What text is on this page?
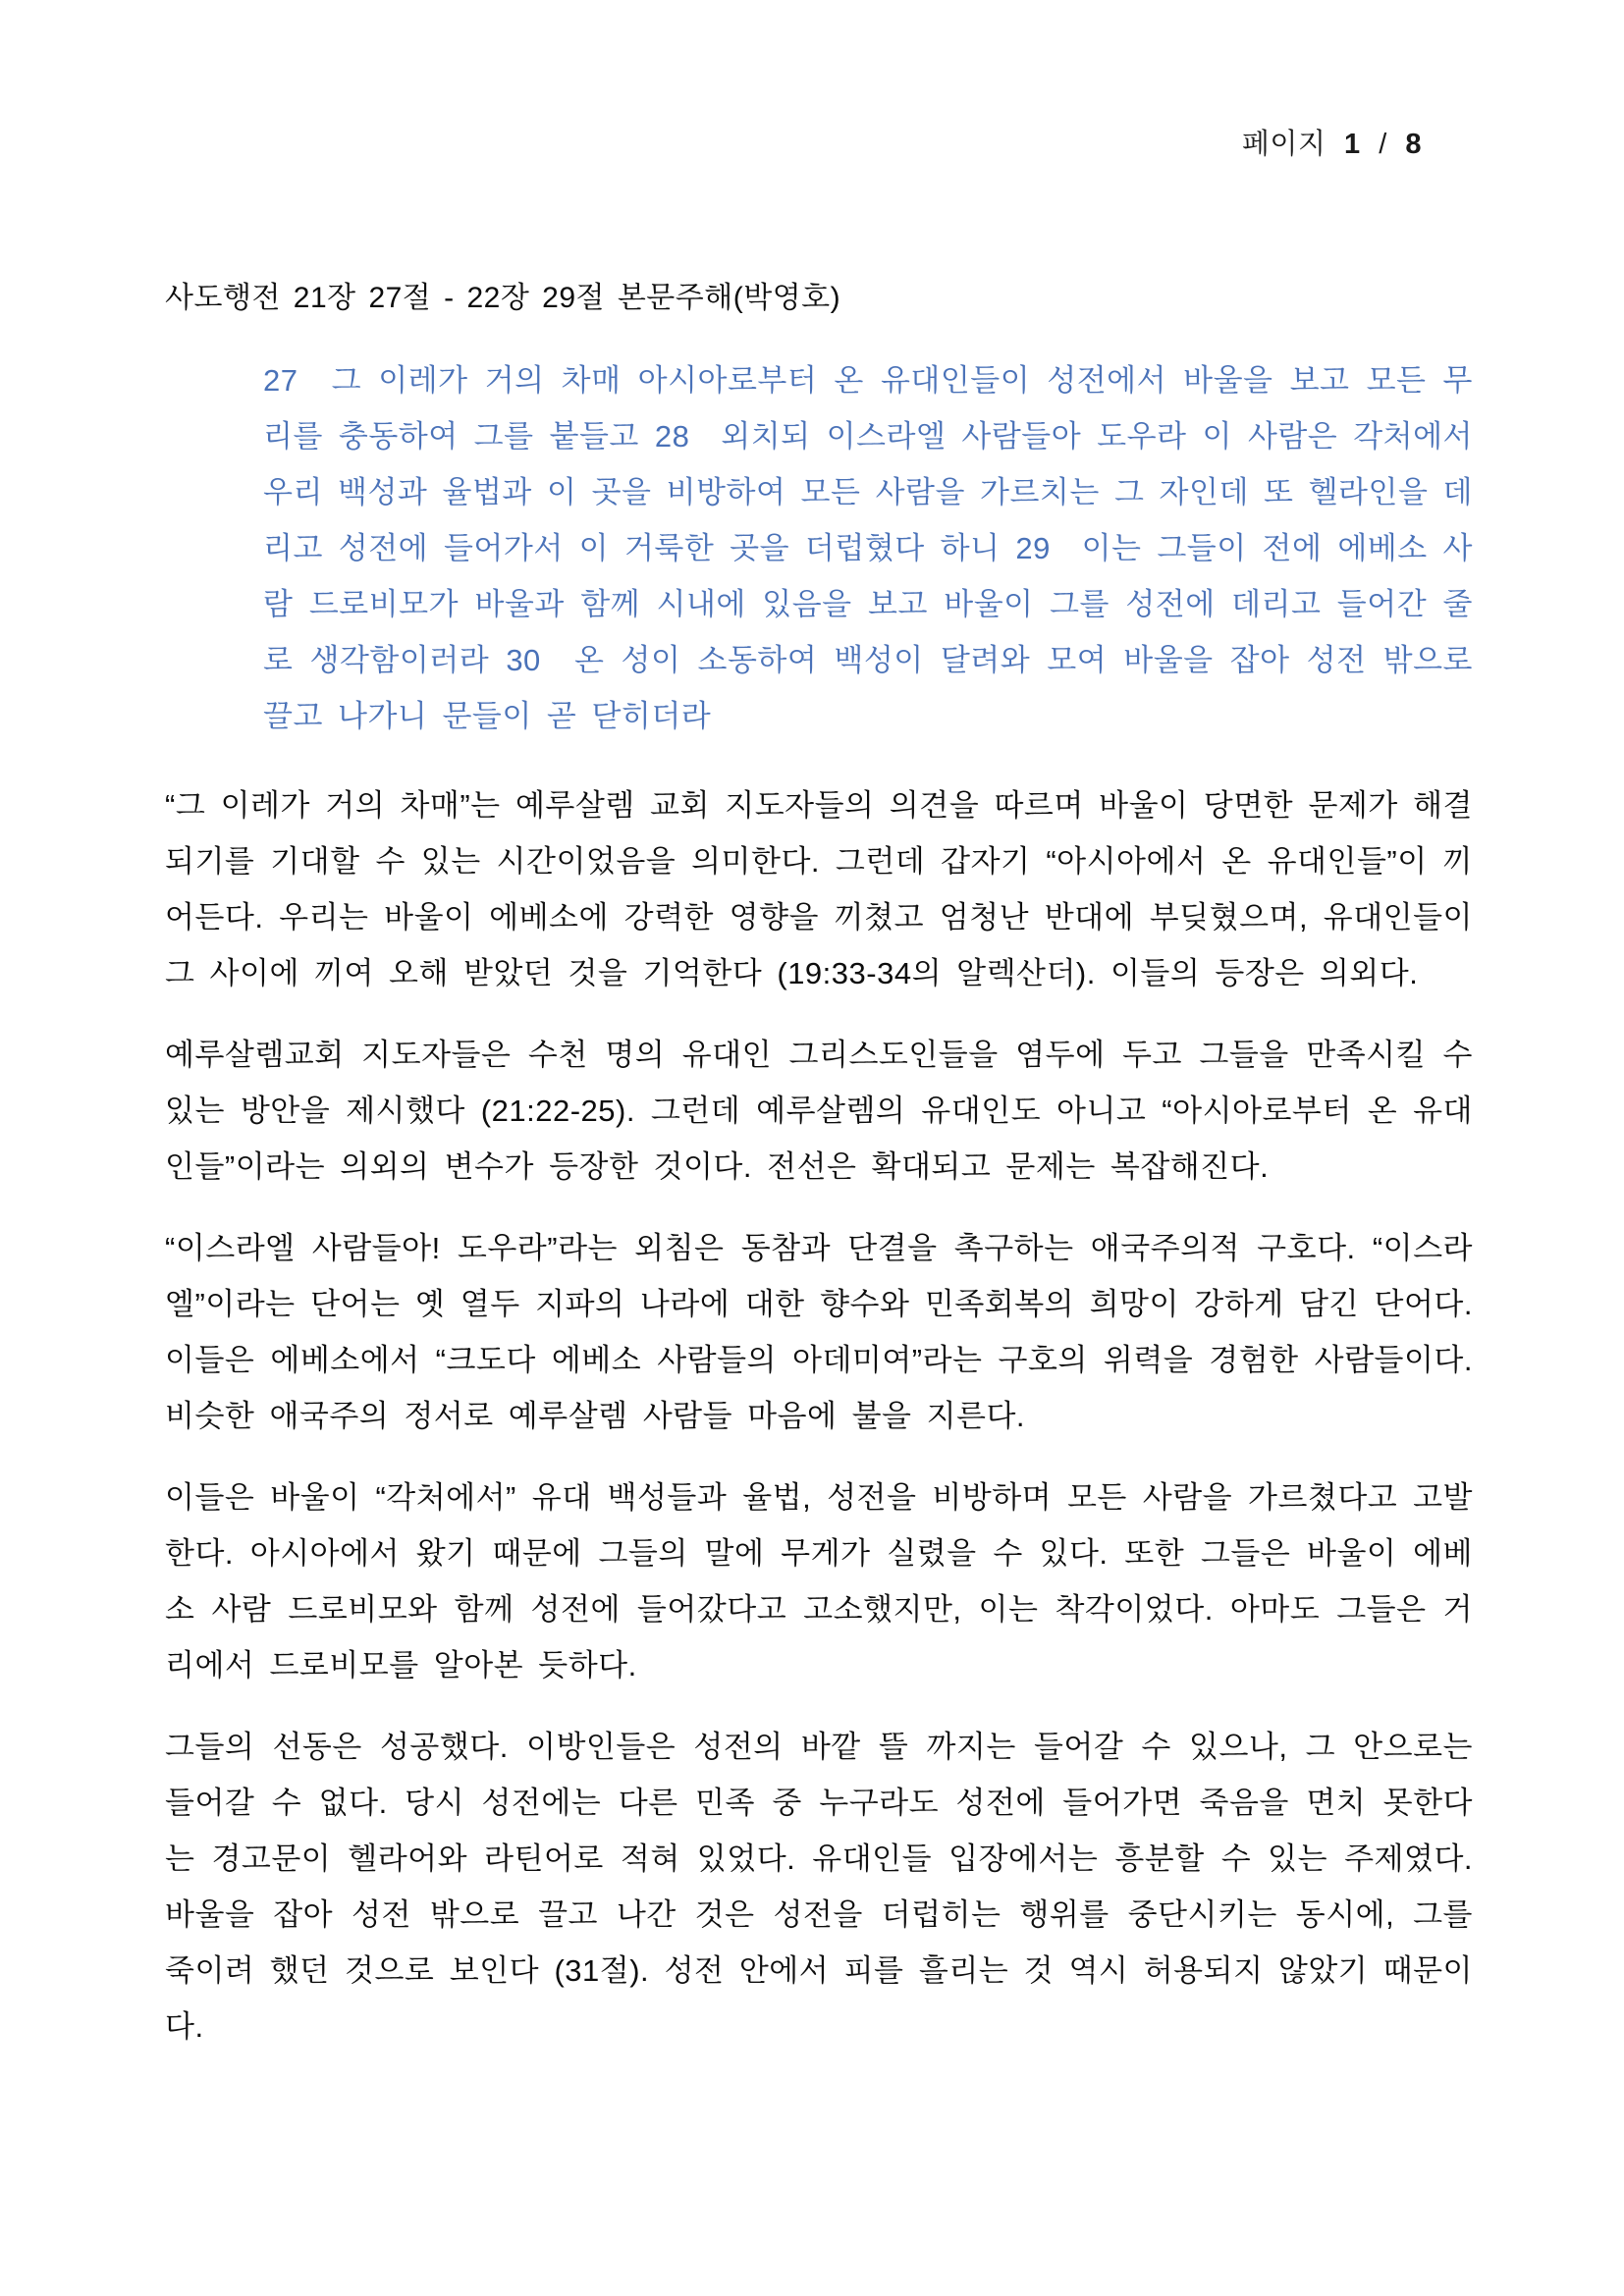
페이지 1 / 8
사도행전 21장 27절 - 22장 29절 본문주해(박영호)
27  그 이레가 거의 차매 아시아로부터 온 유대인들이 성전에서 바울을 보고 모든 무리를 충동하여 그를 붙들고 28  외치되 이스라엘 사람들아 도우라 이 사람은 각처에서 우리 백성과 율법과 이 곳을 비방하여 모든 사람을 가르치는 그 자인데 또 헬라인을 데리고 성전에 들어가서 이 거룩한 곳을 더럽혔다 하니 29  이는 그들이 전에 에베소 사람 드로비모가 바울과 함께 시내에 있음을 보고 바울이 그를 성전에 데리고 들어간 줄로 생각함이러라 30  온 성이 소동하여 백성이 달려와 모여 바울을 잡아 성전 밖으로 끌고 나가니 문들이 곧 닫히더라

“그 이레가 거의 차매”는 예루살렘 교회 지도자들의 의견을 따르며 바울이 당면한 문제가 해결되기를 기대할 수 있는 시간이었음을 의미한다. 그런데 갑자기 “아시아에서 온 유대인들”이 끼어든다. 우리는 바울이 에베소에 강력한 영향을 끼쳤고 엄청난 반대에 부딪혔으며, 유대인들이 그 사이에 끼여 오해 받았던 것을 기억한다 (19:33-34의 알렉산더). 이들의 등장은 의외다.

예루살렘교회 지도자들은 수천 명의 유대인 그리스도인들을 염두에 두고 그들을 만족시킬 수 있는 방안을 제시했다 (21:22-25). 그런데 예루살렘의 유대인도 아니고 “아시아로부터 온 유대인들”이라는 의외의 변수가 등장한 것이다. 전선은 확대되고 문제는 복잡해진다.

“이스라엘 사람들아! 도우라”라는 외침은 동참과 단결을 촉구하는 애국주의적 구호다. “이스라엘”이라는 단어는 옛 열두 지파의 나라에 대한 향수와 민족회복의 희망이 강하게 담긴 단어다. 이들은 에베소에서 “크도다 에베소 사람들의 아데미여”라는 구호의 위력을 경험한 사람들이다. 비슷한 애국주의 정서로 예루살렘 사람들 마음에 불을 지른다.

이들은 바울이 “각처에서” 유대 백성들과 율법, 성전을 비방하며 모든 사람을 가르쳤다고 고발한다. 아시아에서 왔기 때문에 그들의 말에 무게가 실렸을 수 있다. 또한 그들은 바울이 에베소 사람 드로비모와 함께 성전에 들어갔다고 고소했지만, 이는 착각이었다. 아마도 그들은 거리에서 드로비모를 알아본 듯하다.

그들의 선동은 성공했다. 이방인들은 성전의 바깥 뜰 까지는 들어갈 수 있으나, 그 안으로는 들어갈 수 없다. 당시 성전에는 다른 민족 중 누구라도 성전에 들어가면 죽음을 면치 못한다는 경고문이 헬라어와 라틴어로 적혀 있었다. 유대인들 입장에서는 흥분할 수 있는 주제였다. 바울을 잡아 성전 밖으로 끌고 나간 것은 성전을 더럽히는 행위를 중단시키는 동시에, 그를 죽이려 했던 것으로 보인다 (31절). 성전 안에서 피를 흘리는 것 역시 허용되지 않았기 때문이다.
